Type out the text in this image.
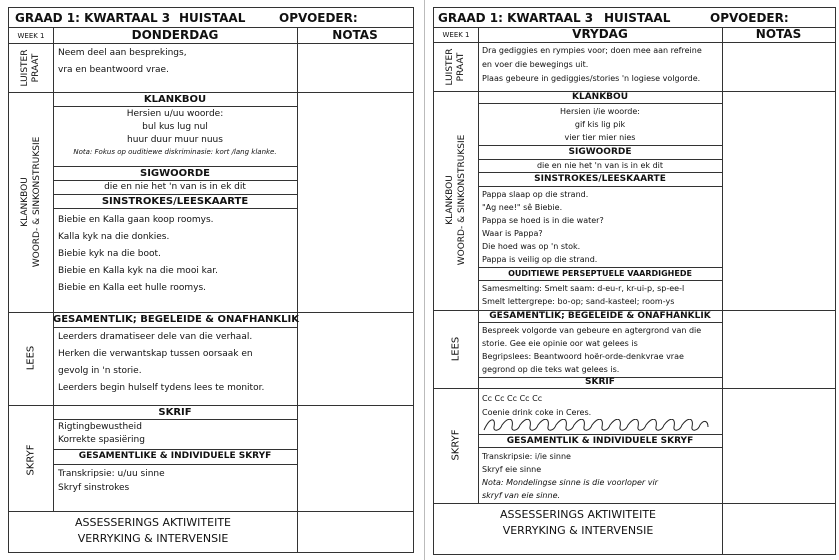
GRAAD 1: KWARTAAL 3 HUISTAAL	OPVOEDER:
WEEK 1	DONDERDAG	NOTAS
LUISTER PRAAT
Neem deel aan besprekings,
vra en beantwoord vrae.
KLANKBOU WOORD- & SINKONSTRUKSIE
KLANKBOU
Hersien u/uu woorde:
bul kus lug nul
huur duur muur nuus
Nota: Fokus op ouditiewe diskriminasie: kort /lang klanke.
SIGWOORDE
die en nie het 'n van is in ek dit
SINSTROKES/LEESKAARTE
Biebie en Kalla gaan koop roomys.
Kalla kyk na die donkies.
Biebie kyk na die boot.
Biebie en Kalla kyk na die mooi kar.
Biebie en Kalla eet hulle roomys.
LEES
GESAMENTLIK; BEGELEIDE & ONAFHANKLIK
Leerders dramatiseer dele van die verhaal.
Herken die verwantskap tussen oorsaak en
gevolg in 'n storie.
Leerders begin hulself tydens lees te monitor.
SKRYF
SKRIF
Rigtingbewustheid
Korrekte spasiëring
GESAMENTLIKE & INDIVIDUELE SKRYF
Transkripsie: u/uu sinne
Skryf sinstrokes
ASSESSERINGS AKTIWITEITE
VERRYKING & INTERVENSIE
GRAAD 1: KWARTAAL 3 HUISTAAL	OPVOEDER:
WEEK 1	VRYDAG	NOTAS
LUISTER PRAAT
Dra gediggies en rympies voor; doen mee aan refreine
en voer die bewegings uit.
Plaas gebeure in gediggies/stories 'n logiese volgorde.
KLANKBOU WOORD- & SINKONSTRUKSIE
KLANKBOU
Hersien i/ie woorde:
gif kis lig pik
vier tier mier nies
SIGWOORDE
die en nie het 'n van is in ek dit
SINSTROKES/LEESKAARTE
Pappa slaap op die strand.
"Ag nee!" sê Biebie.
Pappa se hoed is in die water?
Waar is Pappa?
Die hoed was op 'n stok.
Pappa is veilig op die strand.
OUDITIEWE PERSEPTUELE VAARDIGHEDE
Samesmelting: Smelt saam: d-eu-r, kr-ui-p, sp-ee-l
Smelt lettergrepe: bo-op; sand-kasteel; room-ys
LEES
GESAMENTLIK; BEGELEIDE & ONAFHANKLIK
Bespreek volgorde van gebeure en agtergrond van die
storie. Gee eie opinie oor wat gelees is
Begripslees: Beantwoord hoër-orde-denkvrae vrae
gegrond op die teks wat gelees is.
SKRYF
SKRIF
Cc Cc Cc Cc Cc
Coenie drink coke in Ceres.
GESAMENTLIK & INDIVIDUELE SKRYF
Transkripsie: i/ie sinne
Skryf eie sinne
Nota: Mondelingse sinne is die voorloper vir
skryf van eie sinne.
ASSESSERINGS AKTIWITEITE
VERRYKING & INTERVENSIE
